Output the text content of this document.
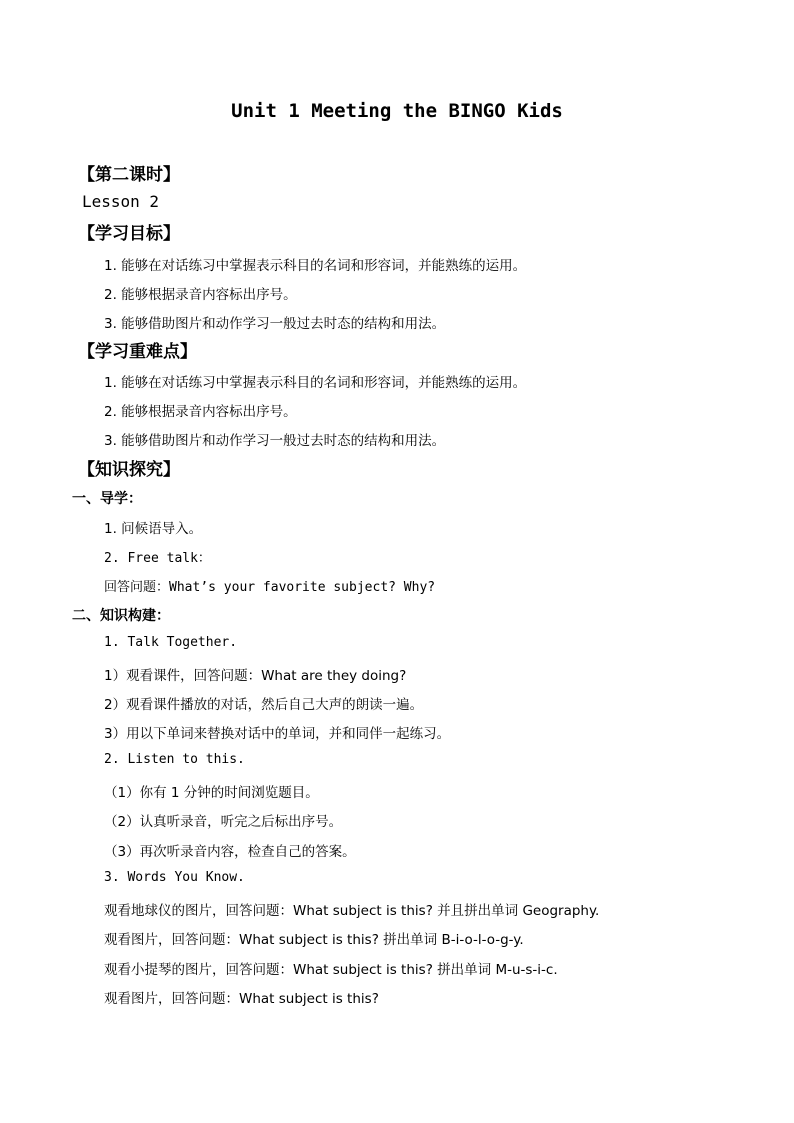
Unit 1 Meeting the BINGO Kids
【第二课时】
Lesson 2
【学习目标】
1. 能够在对话练习中掌握表示科目的名词和形容词，并能熟练的运用。
2. 能够根据录音内容标出序号。
3. 能够借助图片和动作学习一般过去时态的结构和用法。
【学习重难点】
1. 能够在对话练习中掌握表示科目的名词和形容词，并能熟练的运用。
2. 能够根据录音内容标出序号。
3. 能够借助图片和动作学习一般过去时态的结构和用法。
【知识探究】
一、导学：
1. 问候语导入。
2. Free talk：
回答问题：What’s your favorite subject? Why?
二、知识构建：
1. Talk Together.
1）观看课件，回答问题：What are they doing?
2）观看课件播放的对话，然后自己大声的朗读一遍。
3）用以下单词来替换对话中的单词，并和同伴一起练习。
2. Listen to this.
（1）你有 1 分钟的时间浏览题目。
（2）认真听录音，听完之后标出序号。
（3）再次听录音内容，检查自己的答案。
3. Words You Know.
观看地球仪的图片，回答问题：What subject is this? 并且拼出单词 Geography.
观看图片，回答问题：What subject is this? 拼出单词 B-i-o-l-o-g-y.
观看小提琴的图片，回答问题：What subject is this? 拼出单词 M-u-s-i-c.
观看图片，回答问题：What subject is this?
